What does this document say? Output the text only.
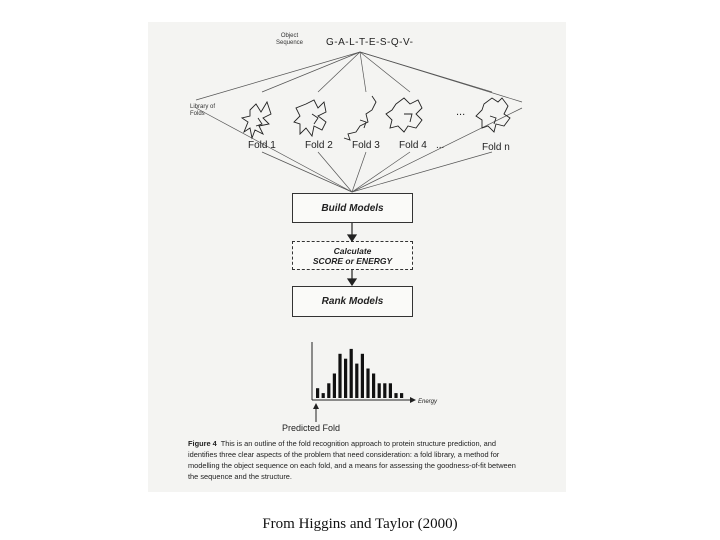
Energy
Object
Sequence G-A-L-T-E-S-Q-V-
Library of
Folds	...
Fold 1	Fold 2 Fold 3 Fold 4 ...	Fold n
Build Models
Calculate
SCORE or ENERGY
Rank Models
Predicted Fold
Figure 4 This is an outline of the fold recognition approach to protein structure prediction, and identifies three clear aspects of the problem that need consideration: a fold library, a method for modelling the object sequence on each fold, and a means for assessing the goodness-of-fit between the sequence and the structure.
From Higgins and Taylor (2000)
